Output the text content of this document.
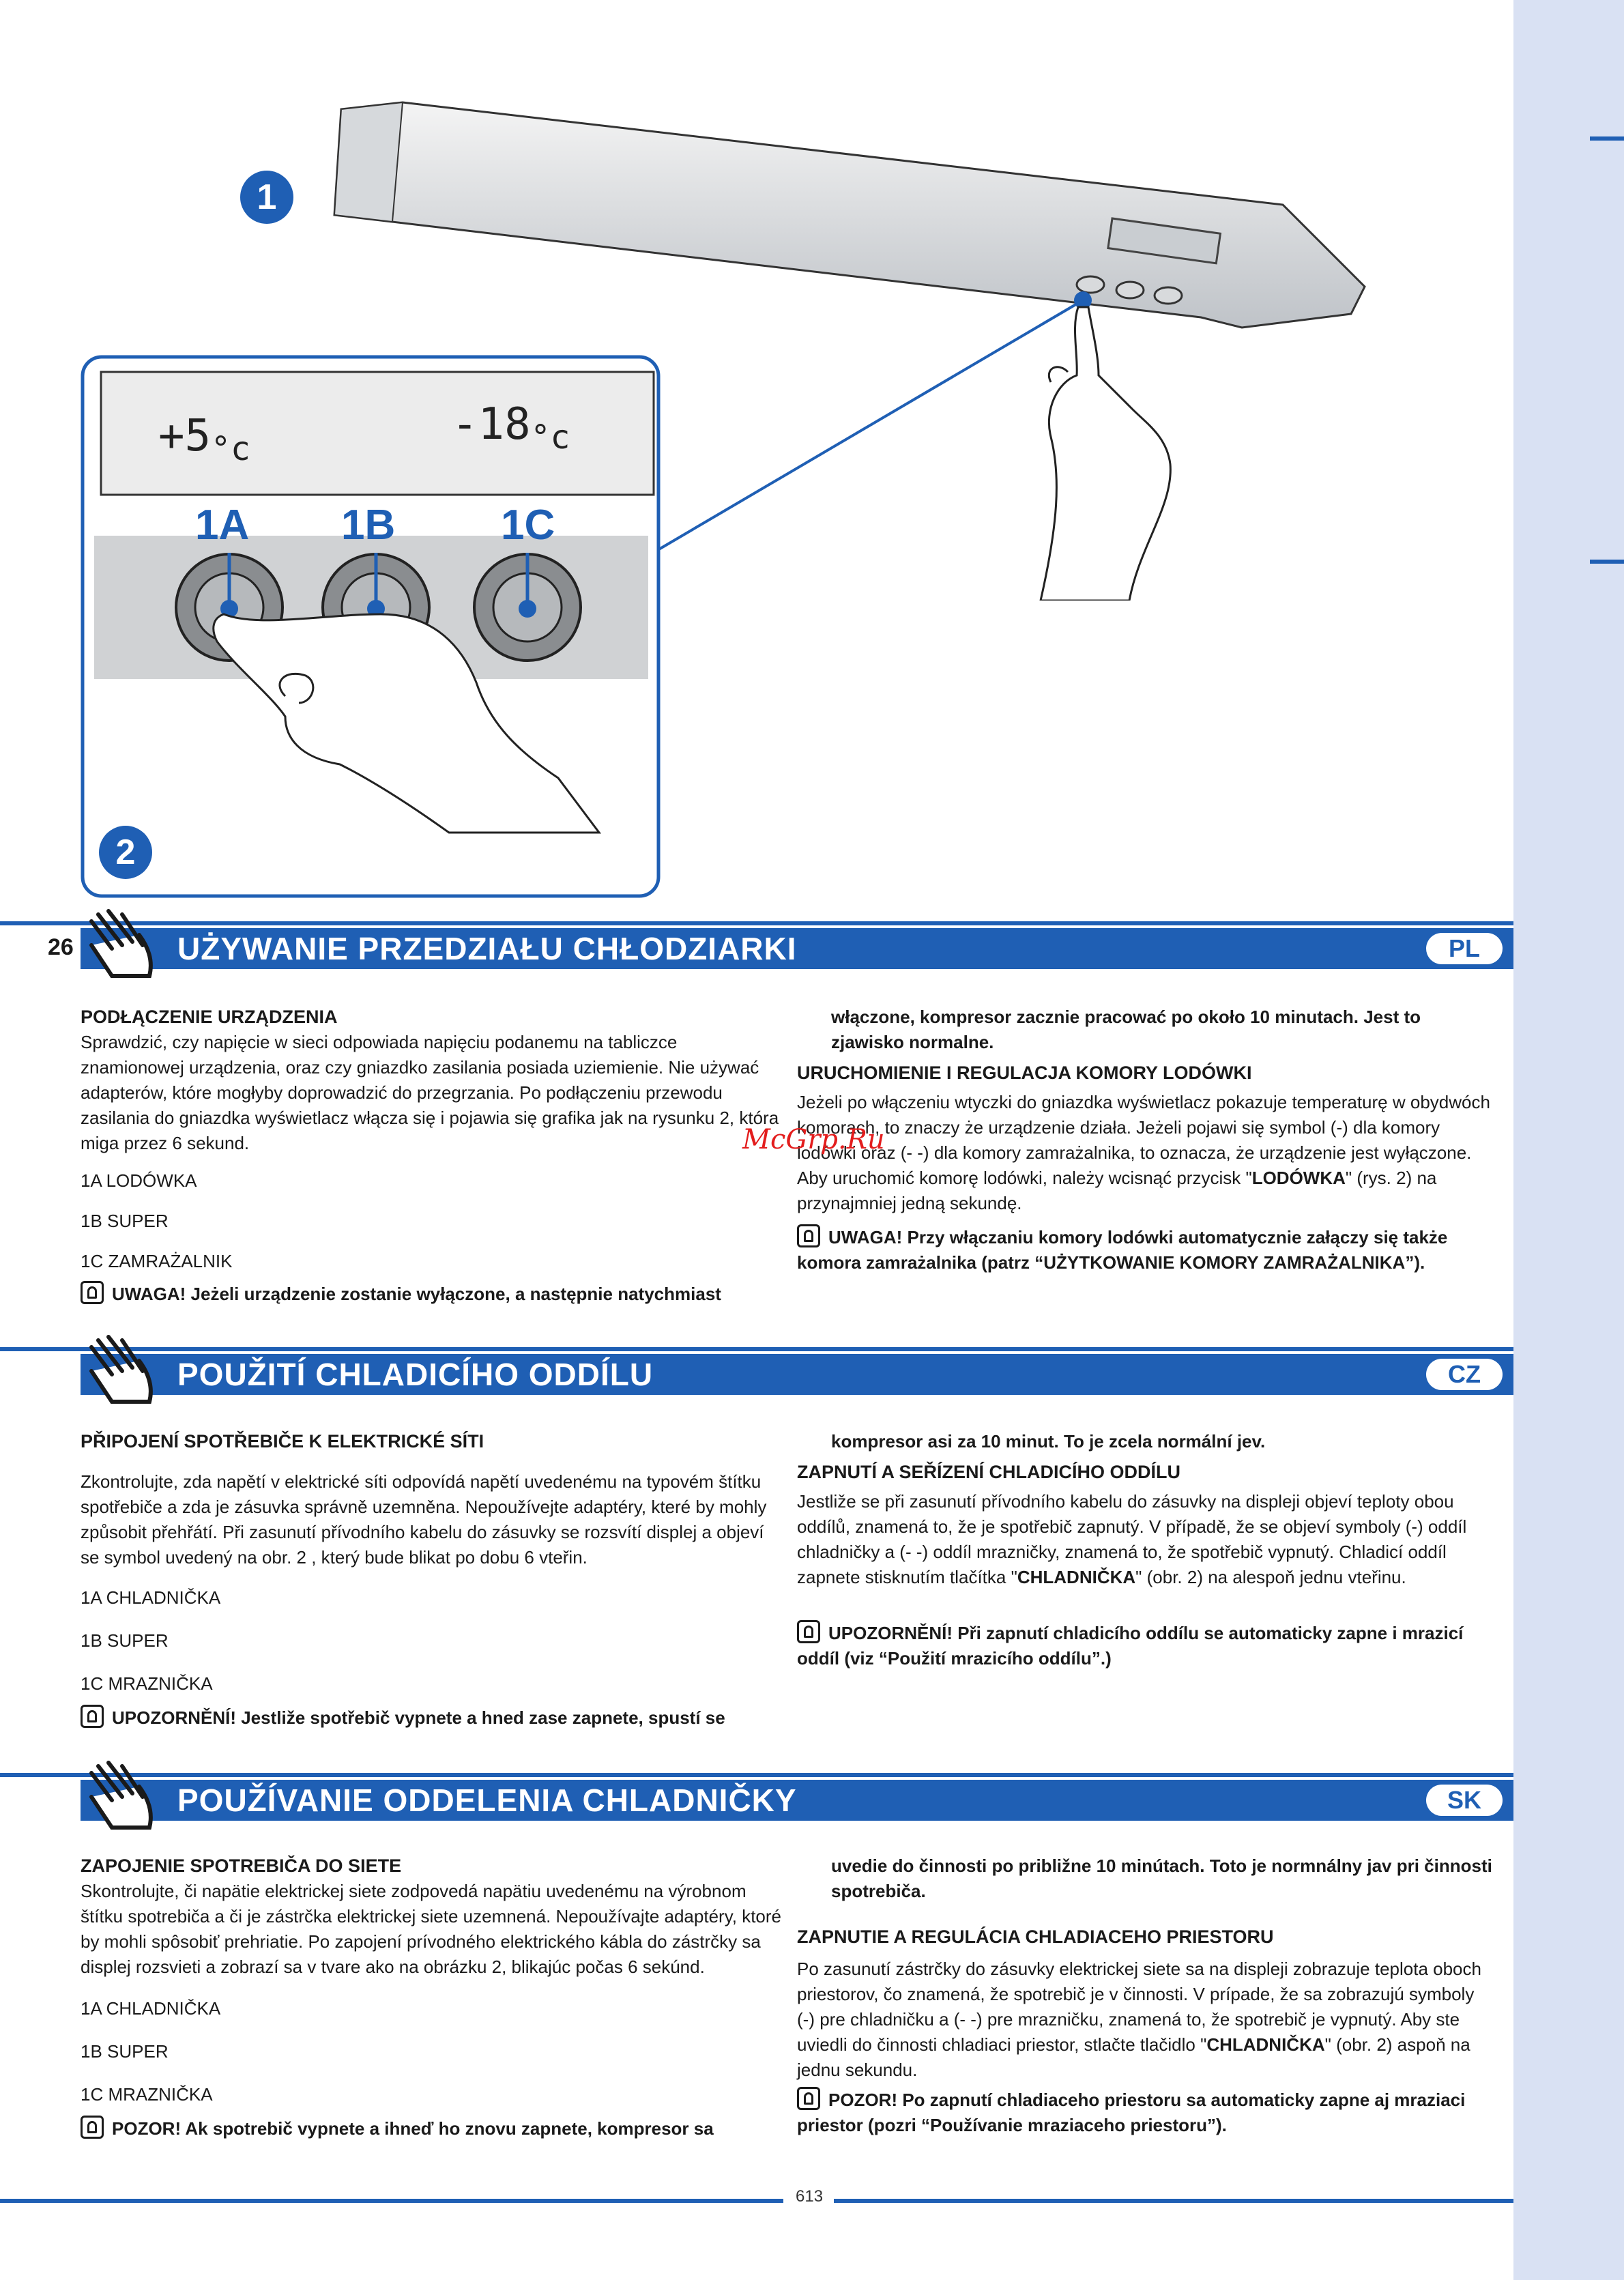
1
+5°c	-18°c
1A 1B 1C
2
PL
26	UŻYWANIE PRZEDZIAŁU CHŁODZIARKI

PODŁĄCZENIE URZĄDZENIA

Sprawdzić, czy napięcie w sieci odpowiada napięciu podanemu na tabliczce znamionowej urządzenia, oraz czy gniazdko zasilania posiada uziemienie. Nie używać adapterów, które mogłyby doprowadzić do przegrzania. Po podłączeniu przewodu zasilania do gniazdka wyświetlacz włącza się i pojawia się grafika jak na rysunku 2, która miga przez 6 sekund.

1A LODÓWKA

1B SUPER

1C ZAMRAŻALNIK

UWAGA! Jeżeli urządzenie zostanie wyłączone, a następnie natychmiast

włączone, kompresor zacznie pracować po około 10 minutach. Jest to zjawisko normalne.

URUCHOMIENIE I REGULACJA KOMORY LODÓWKI

Jeżeli po włączeniu wtyczki do gniazdka wyświetlacz pokazuje temperaturę w obydwóch komorach, to znaczy że urządzenie działa. Jeżeli pojawi się symbol (-) dla komory lodówki oraz (- -) dla komory zamrażalnika, to oznacza, że urządzenie jest wyłączone. Aby uruchomić komorę lodówki, należy wcisnąć przycisk "LODÓWKA" (rys. 2) na przynajmniej jedną sekundę.

UWAGA! Przy włączaniu komory lodówki automatycznie załączy się także komora zamrażalnika (patrz “UŻYTKOWANIE KOMORY ZAMRAŻALNIKA”).

McGrp.Ru
CZ
POUŽITÍ CHLADICÍHO ODDÍLU

PŘIPOJENÍ SPOTŘEBIČE K ELEKTRICKÉ SÍTI

Zkontrolujte, zda napětí v elektrické síti odpovídá napětí uvedenému na typovém štítku spotřebiče a zda je zásuvka správně uzemněna. Nepoužívejte adaptéry, které by mohly způsobit přehřátí. Při zasunutí přívodního kabelu do zásuvky se rozsvítí displej a objeví se symbol uvedený na obr. 2 , který bude blikat po dobu 6 vteřin.

1A CHLADNIČKA

1B SUPER

1C MRAZNIČKA

UPOZORNĚNÍ! Jestliže spotřebič vypnete a hned zase zapnete, spustí se

kompresor asi za 10 minut. To je zcela normální jev.

ZAPNUTÍ A SEŘÍZENÍ CHLADICÍHO ODDÍLU

Jestliže se při zasunutí přívodního kabelu do zásuvky na displeji objeví teploty obou oddílů, znamená to, že je spotřebič zapnutý. V případě, že se objeví symboly (-) oddíl chladničky a (- -) oddíl mrazničky, znamená to, že spotřebič vypnutý. Chladicí oddíl zapnete stisknutím tlačítka "CHLADNIČKA" (obr. 2) na alespoň jednu vteřinu.

UPOZORNĚNÍ! Při zapnutí chladicího oddílu se automaticky zapne i mrazicí oddíl (viz “Použití mrazicího oddílu”.)

SK
POUŽÍVANIE ODDELENIA CHLADNIČKY

ZAPOJENIE SPOTREBIČA DO SIETE

Skontrolujte, či napätie elektrickej siete zodpovedá napätiu uvedenému na výrobnom štítku spotrebiča a či je zástrčka elektrickej siete uzemnená. Nepoužívajte adaptéry, ktoré by mohli spôsobiť prehriatie. Po zapojení prívodného elektrického kábla do zástrčky sa displej rozsvieti a zobrazí sa v tvare ako na obrázku 2, blikajúc počas 6 sekúnd.

1A CHLADNIČKA

1B SUPER

1C MRAZNIČKA

POZOR! Ak spotrebič vypnete a ihneď ho znovu zapnete, kompresor sa

uvedie do činnosti po približne 10 minútach. Toto je normnálny jav pri činnosti spotrebiča.

ZAPNUTIE A REGULÁCIA CHLADIACEHO PRIESTORU

Po zasunutí zástrčky do zásuvky elektrickej siete sa na displeji zobrazuje teplota oboch priestorov, čo znamená, že spotrebič je v činnosti. V prípade, že sa zobrazujú symboly (-) pre chladničku a (- -) pre mrazničku, znamená to, že spotrebič je vypnutý. Aby ste uviedli do činnosti chladiaci priestor, stlačte tlačidlo "CHLADNIČKA" (obr. 2) aspoň na jednu sekundu.

POZOR! Po zapnutí chladiaceho priestoru sa automaticky zapne aj mraziaci priestor (pozri “Používanie mraziaceho priestoru”).

613
